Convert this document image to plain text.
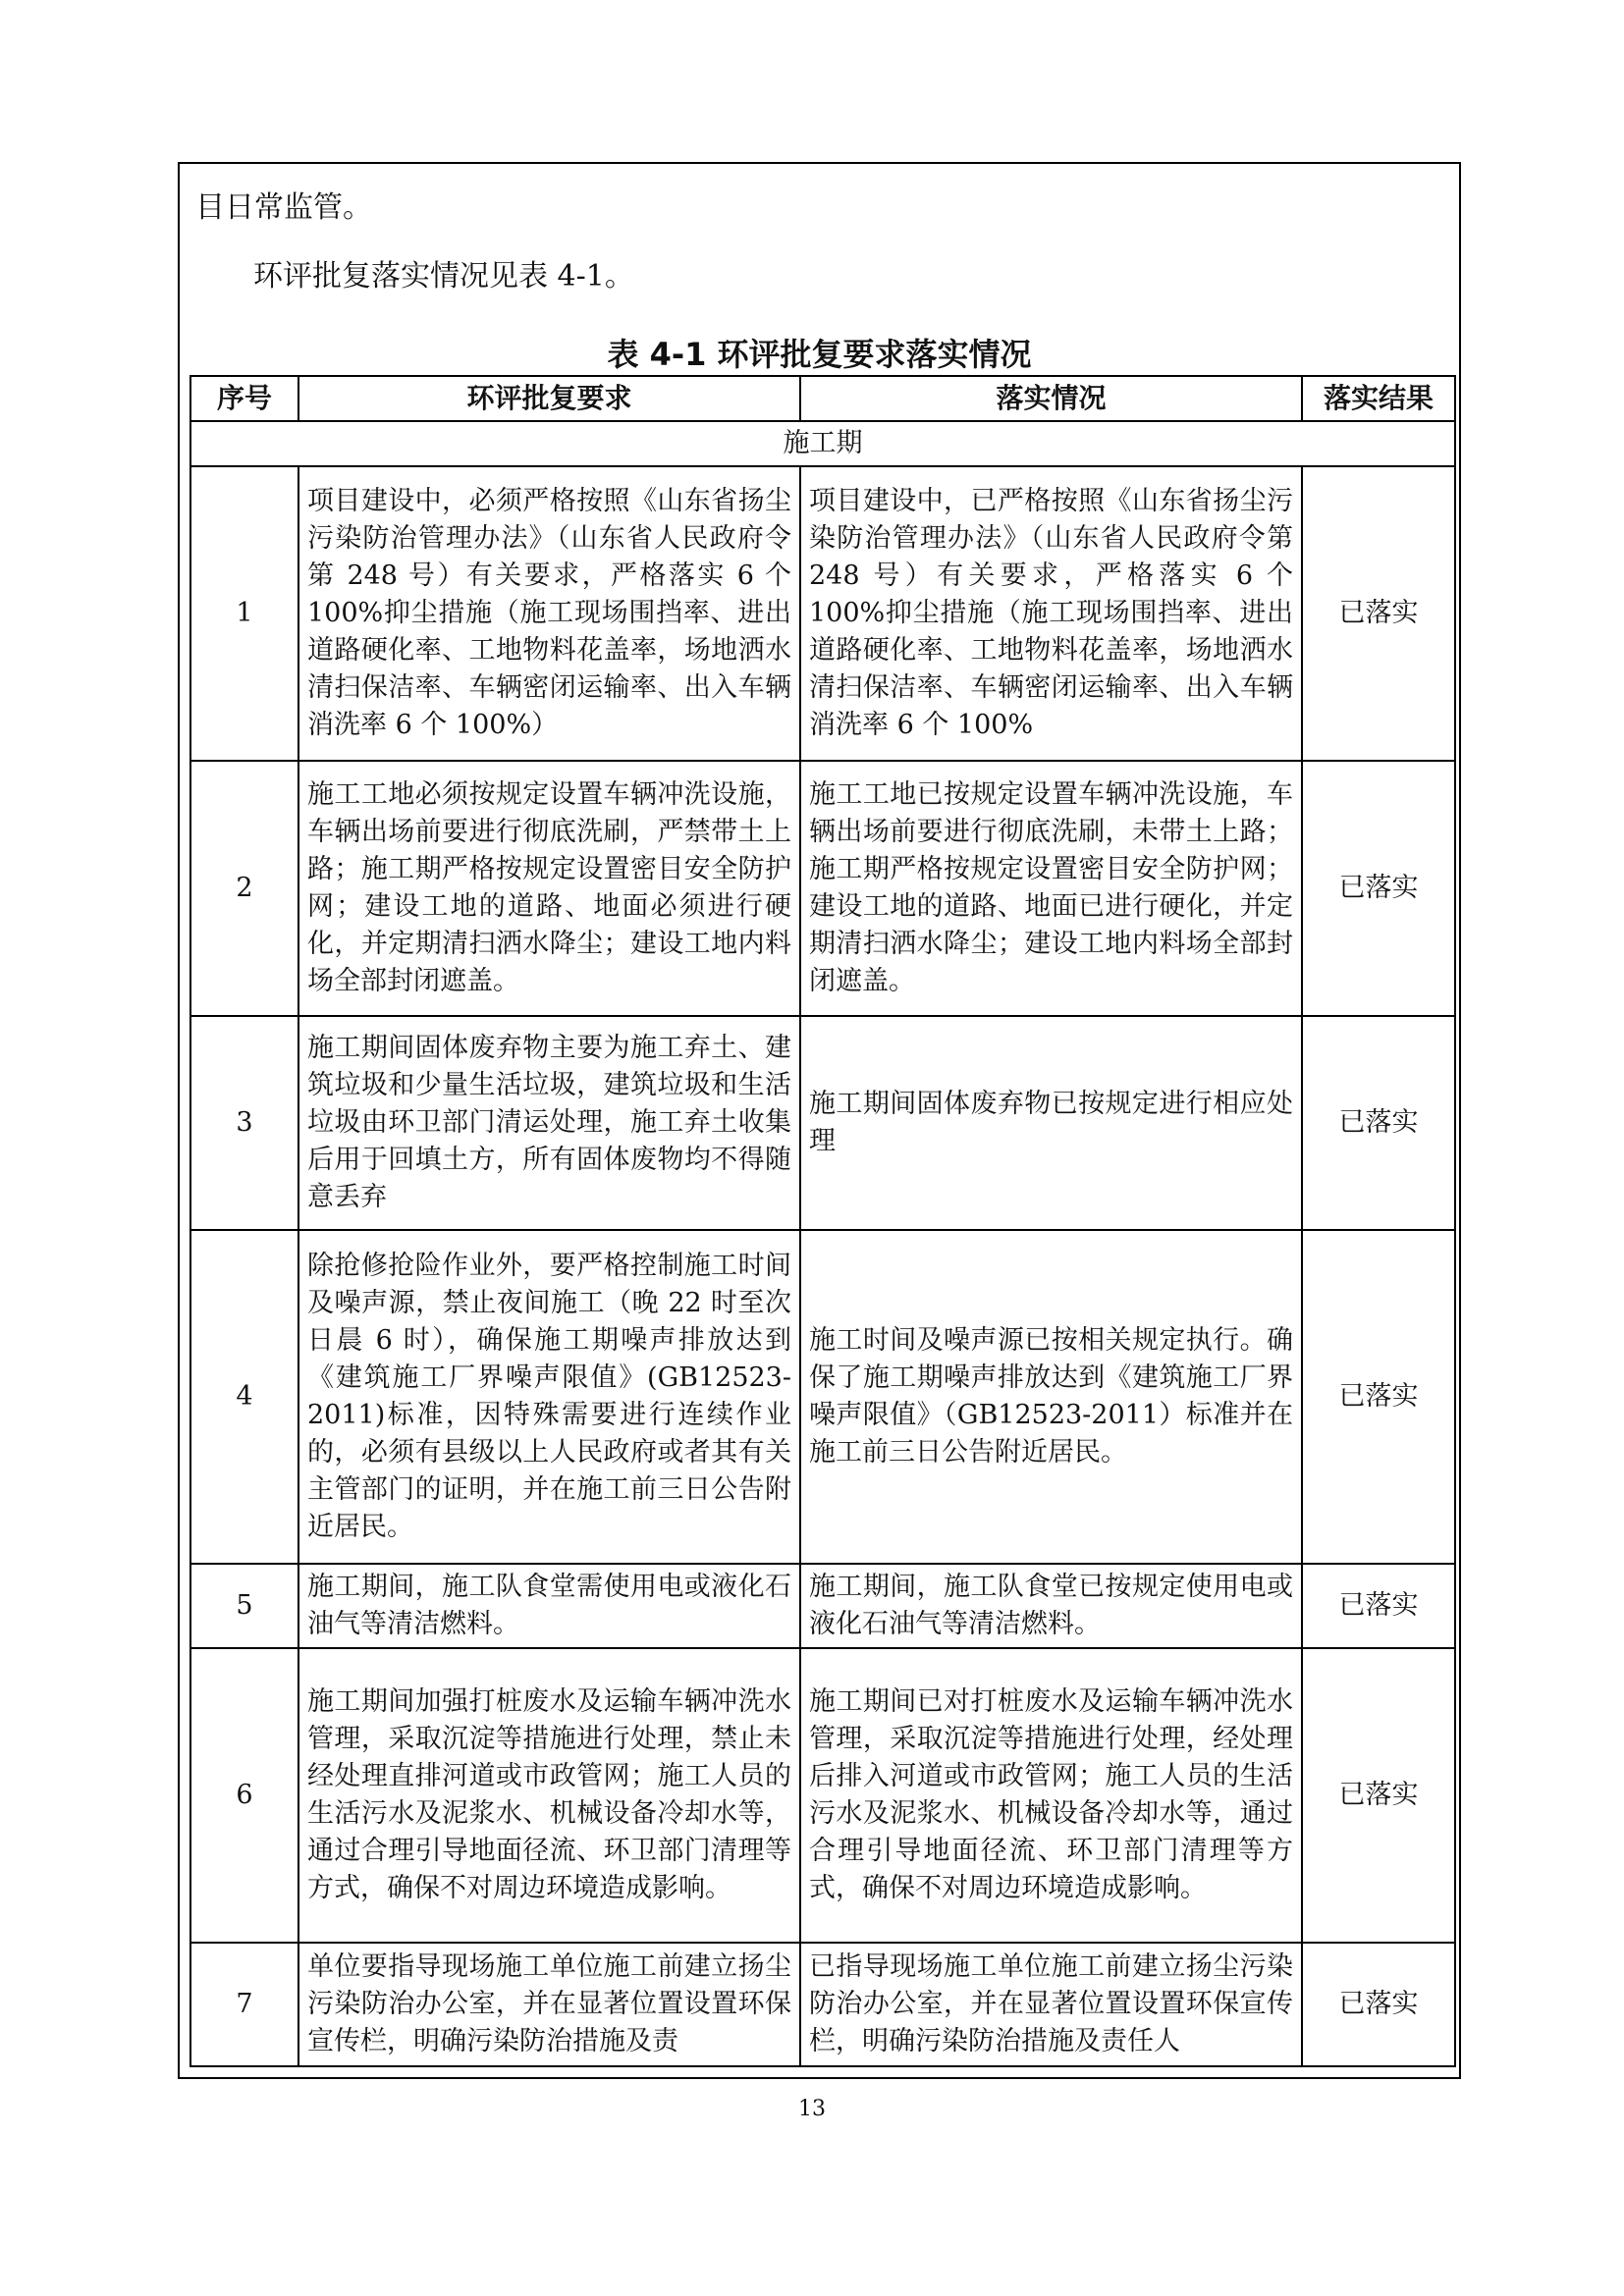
目日常监管。
环评批复落实情况见表 4-1。
表 4-1 环评批复要求落实情况
序号	环评批复要求	落实情况	落实结果
施工期			
1	项目建设中，必须严格按照《山东省扬尘污染防治管理办法》（山东省人民政府令第 248 号）有关要求，严格落实 6 个 100%抑尘措施（施工现场围挡率、进出道路硬化率、工地物料花盖率，场地洒水清扫保洁率、车辆密闭运输率、出入车辆消洗率 6 个 100%）	项目建设中，已严格按照《山东省扬尘污染防治管理办法》（山东省人民政府令第 248 号）有关要求，严格落实 6 个 100%抑尘措施（施工现场围挡率、进出道路硬化率、工地物料花盖率，场地洒水清扫保洁率、车辆密闭运输率、出入车辆消洗率 6 个 100%	已落实
2	施工工地必须按规定设置车辆冲洗设施，车辆出场前要进行彻底洗刷，严禁带土上路；施工期严格按规定设置密目安全防护网；建设工地的道路、地面必须进行硬化，并定期清扫洒水降尘；建设工地内料场全部封闭遮盖。	施工工地已按规定设置车辆冲洗设施，车辆出场前要进行彻底洗刷，未带土上路；施工期严格按规定设置密目安全防护网；建设工地的道路、地面已进行硬化，并定期清扫洒水降尘；建设工地内料场全部封闭遮盖。	已落实
3	施工期间固体废弃物主要为施工弃土、建筑垃圾和少量生活垃圾，建筑垃圾和生活垃圾由环卫部门清运处理，施工弃土收集后用于回填土方，所有固体废物均不得随意丢弃	施工期间固体废弃物已按规定进行相应处理	已落实
4	除抢修抢险作业外，要严格控制施工时间及噪声源，禁止夜间施工（晚 22 时至次日晨 6 时），确保施工期噪声排放达到《建筑施工厂界噪声限值》(GB12523-2011)标准，因特殊需要进行连续作业的，必须有县级以上人民政府或者其有关主管部门的证明，并在施工前三日公告附近居民。	施工时间及噪声源已按相关规定执行。确保了施工期噪声排放达到《建筑施工厂界噪声限值》（GB12523-2011）标准并在施工前三日公告附近居民。	已落实
5	施工期间，施工队食堂需使用电或液化石油气等清洁燃料。	施工期间，施工队食堂已按规定使用电或液化石油气等清洁燃料。	已落实
6	施工期间加强打桩废水及运输车辆冲洗水管理，采取沉淀等措施进行处理，禁止未经处理直排河道或市政管网；施工人员的生活污水及泥浆水、机械设备冷却水等，通过合理引导地面径流、环卫部门清理等方式，确保不对周边环境造成影响。	施工期间已对打桩废水及运输车辆冲洗水管理，采取沉淀等措施进行处理，经处理后排入河道或市政管网；施工人员的生活污水及泥浆水、机械设备冷却水等，通过合理引导地面径流、环卫部门清理等方式，确保不对周边环境造成影响。	已落实
7	单位要指导现场施工单位施工前建立扬尘污染防治办公室，并在显著位置设置环保宣传栏，明确污染防治措施及责	已指导现场施工单位施工前建立扬尘污染防治办公室，并在显著位置设置环保宣传栏，明确污染防治措施及责任人	已落实
13
